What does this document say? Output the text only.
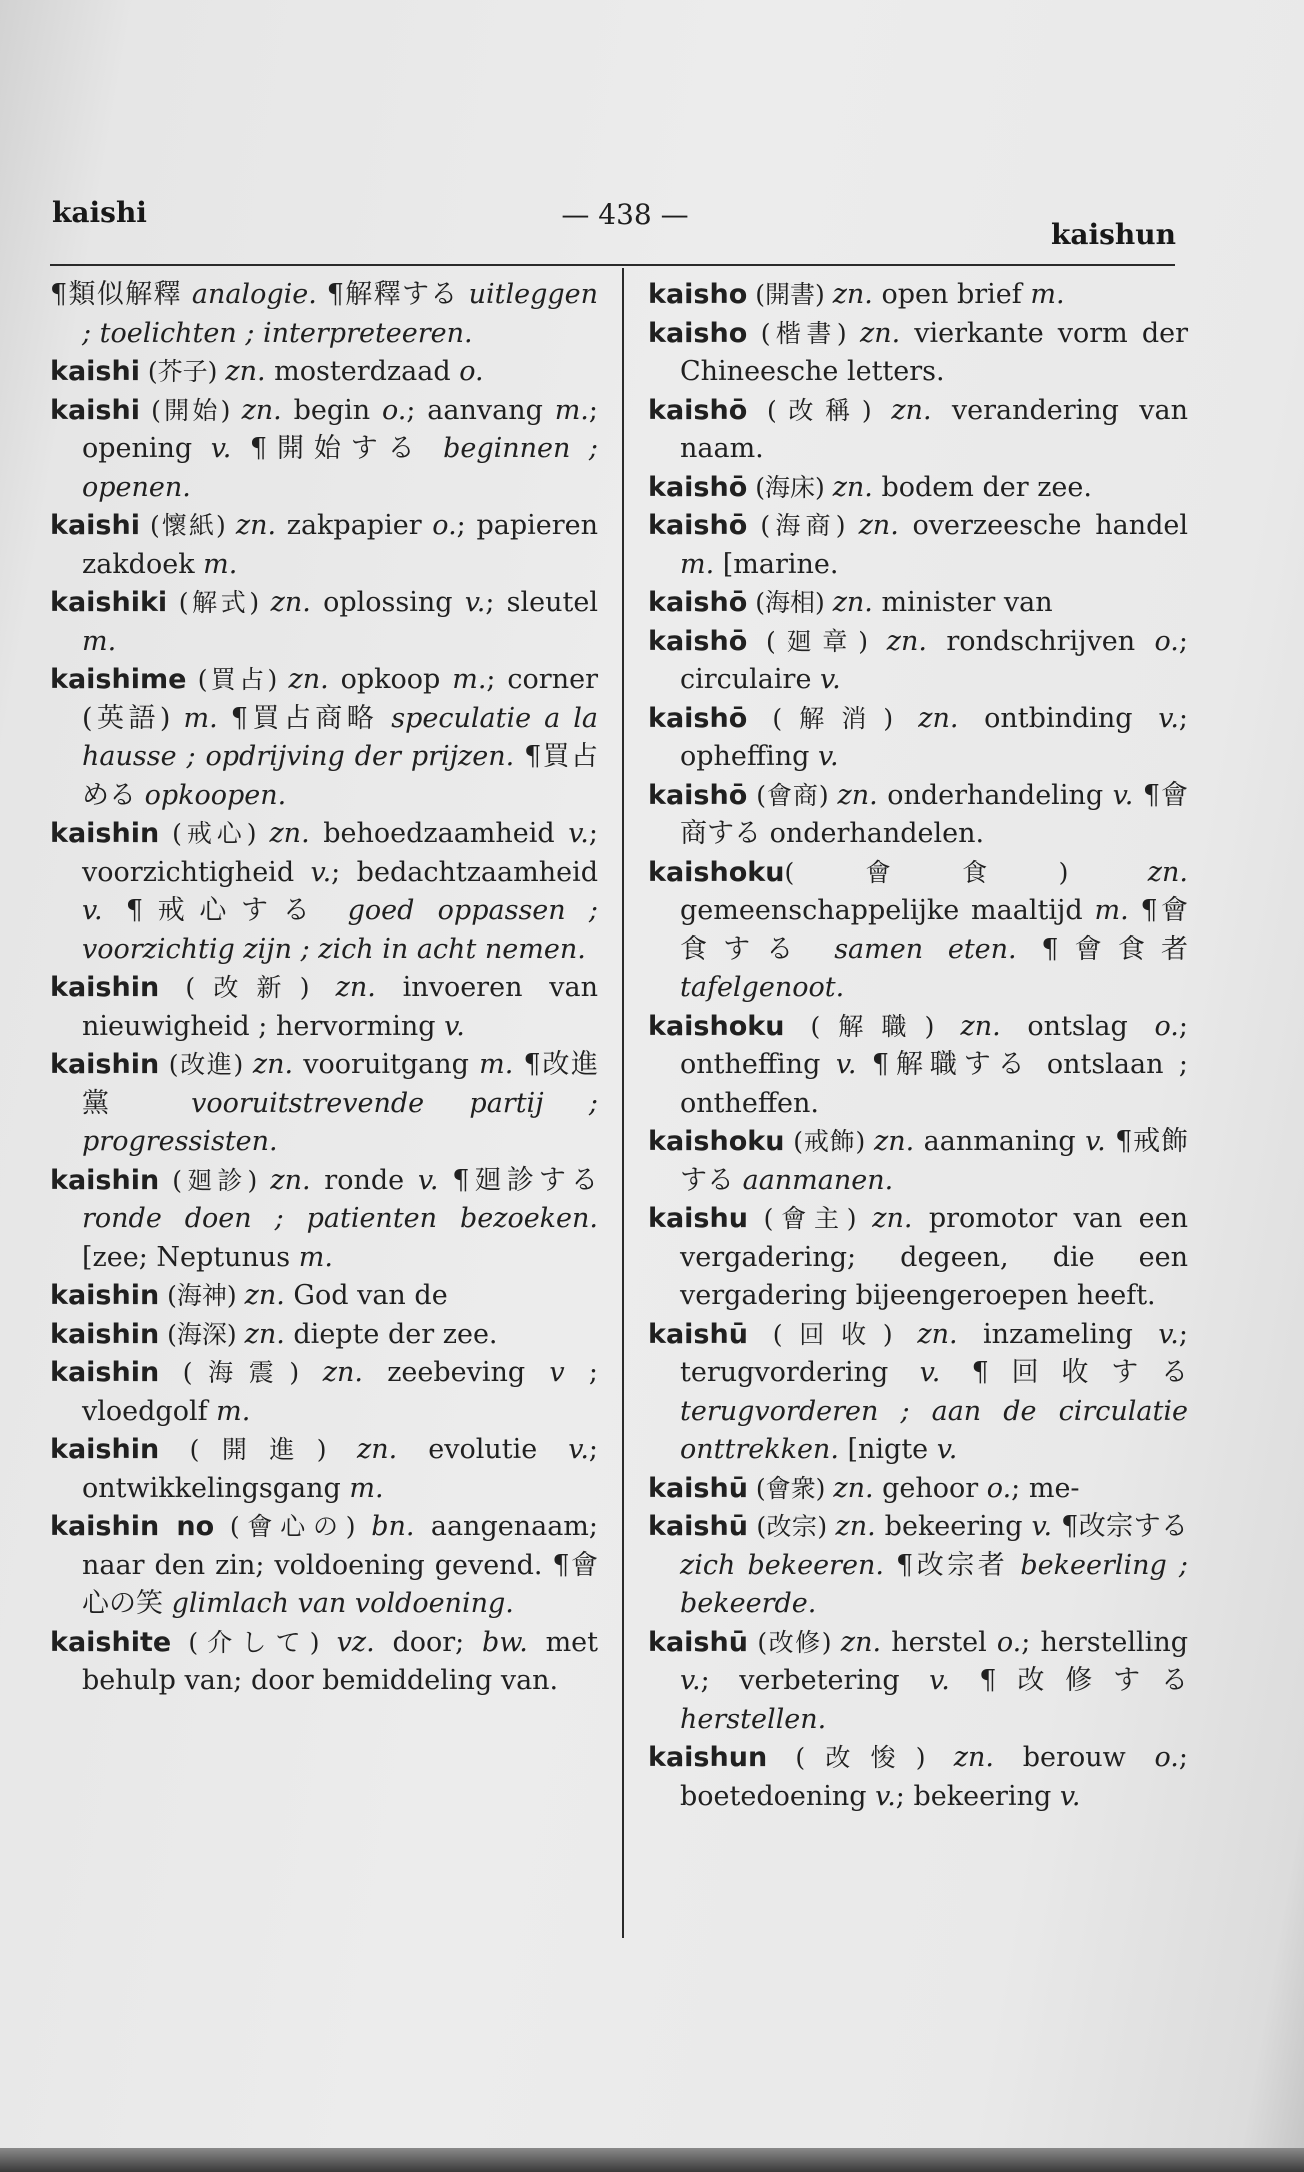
kaishi	— 438 —
kaishun

¶類似解釋 analogie. ¶解釋する uitleggen ; toelichten ; interpreteeren.

kaishi (芥子) zn. mosterdzaad o.

kaishi (開始) zn. begin o.; aanvang m.; opening v. ¶開始する beginnen ; openen.

kaishi (懷紙) zn. zakpapier o.; papieren zakdoek m.

kaishiki (解式) zn. oplossing v.; sleutel m.

kaishime (買占) zn. opkoop m.; corner (英語) m. ¶買占商略 speculatie a la hausse ; opdrijving der prijzen. ¶買占める opkoopen.

kaishin (戒心) zn. behoedzaamheid v.; voorzichtigheid v.; bedachtzaamheid v. ¶戒心する goed oppassen ; voorzichtig zijn ; zich in acht nemen.

kaishin (改新) zn. invoeren van nieuwigheid ; hervorming v.

kaishin (改進) zn. vooruitgang m. ¶改進黨 vooruitstrevende partij ; progressisten.

kaishin (廻診) zn. ronde v. ¶廻診する ronde doen ; patienten bezoeken. [zee; Neptunus m.

kaishin (海神) zn. God van de

kaishin (海深) zn. diepte der zee.

kaishin (海震) zn. zeebeving v ; vloedgolf m.

kaishin (開進) zn. evolutie v.; ontwikkelingsgang m.

kaishin no (會心の) bn. aangenaam; naar den zin; voldoening gevend. ¶會心の笑 glimlach van voldoening.

kaishite (介して) vz. door; bw. met behulp van; door bemiddeling van.

kaisho (開書) zn. open brief m.

kaisho (楷書) zn. vierkante vorm der Chineesche letters.

kaishō (改稱) zn. verandering van naam.

kaishō (海床) zn. bodem der zee.

kaishō (海商) zn. overzeesche handel m. [marine.

kaishō (海相) zn. minister van

kaishō (廻章) zn. rondschrijven o.; circulaire v.

kaishō (解消) zn. ontbinding v.; opheffing v.

kaishō (會商) zn. onderhandeling v. ¶會商する onderhandelen.

kaishoku(會食) zn. gemeenschappelijke maaltijd m. ¶會食する samen eten. ¶會食者 tafelgenoot.

kaishoku (解職) zn. ontslag o.; ontheffing v. ¶解職する ontslaan ; ontheffen.

kaishoku (戒飾) zn. aanmaning v. ¶戒飾する aanmanen.

kaishu (會主) zn. promotor van een vergadering; degeen, die een vergadering bijeengeroepen heeft.

kaishū (回收) zn. inzameling v.; terugvordering v. ¶回收する terugvorderen ; aan de circulatie onttrekken. [nigte v.

kaishū (會衆) zn. gehoor o.; me-

kaishū (改宗) zn. bekeering v. ¶改宗する zich bekeeren. ¶改宗者 bekeerling ; bekeerde.

kaishū (改修) zn. herstel o.; herstelling v.; verbetering v. ¶改修する herstellen.

kaishun (改悛) zn. berouw o.; boetedoening v.; bekeering v.
